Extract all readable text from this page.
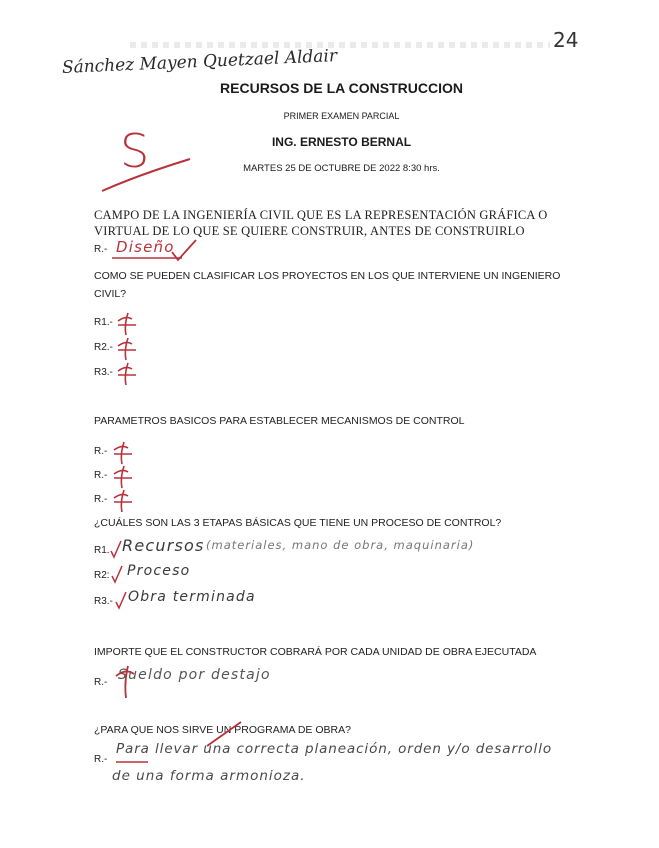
24
Sánchez Mayen Quetzael Aldair
RECURSOS DE LA CONSTRUCCION
PRIMER EXAMEN PARCIAL
ING. ERNESTO BERNAL
MARTES 25 DE OCTUBRE DE 2022 8:30 hrs.
S
CAMPO DE LA INGENIERÍA CIVIL QUE ES LA REPRESENTACIÓN GRÁFICA O
VIRTUAL DE LO QUE SE QUIERE CONSTRUIR, ANTES DE CONSTRUIRLO
R.- Diseño
COMO SE PUEDEN CLASIFICAR LOS PROYECTOS EN LOS QUE INTERVIENE UN INGENIERO
CIVIL?
R1.-
R2.-
R3.-
PARAMETROS BASICOS PARA ESTABLECER MECANISMOS DE CONTROL
R.-
R.-
R.-
¿CUÁLES SON LAS 3 ETAPAS BÁSICAS QUE TIENE UN PROCESO DE CONTROL?
R1. Recursos (materiales, mano de obra, maquinaria)
R2: Proceso
R3.- Obra terminada
IMPORTE QUE EL CONSTRUCTOR COBRARÁ POR CADA UNIDAD DE OBRA EJECUTADA
R.- Sueldo por destajo
¿PARA QUE NOS SIRVE UN PROGRAMA DE OBRA?
R.-
Para llevar una correcta planeación, orden y/o desarrollo
de una forma armonioza.
